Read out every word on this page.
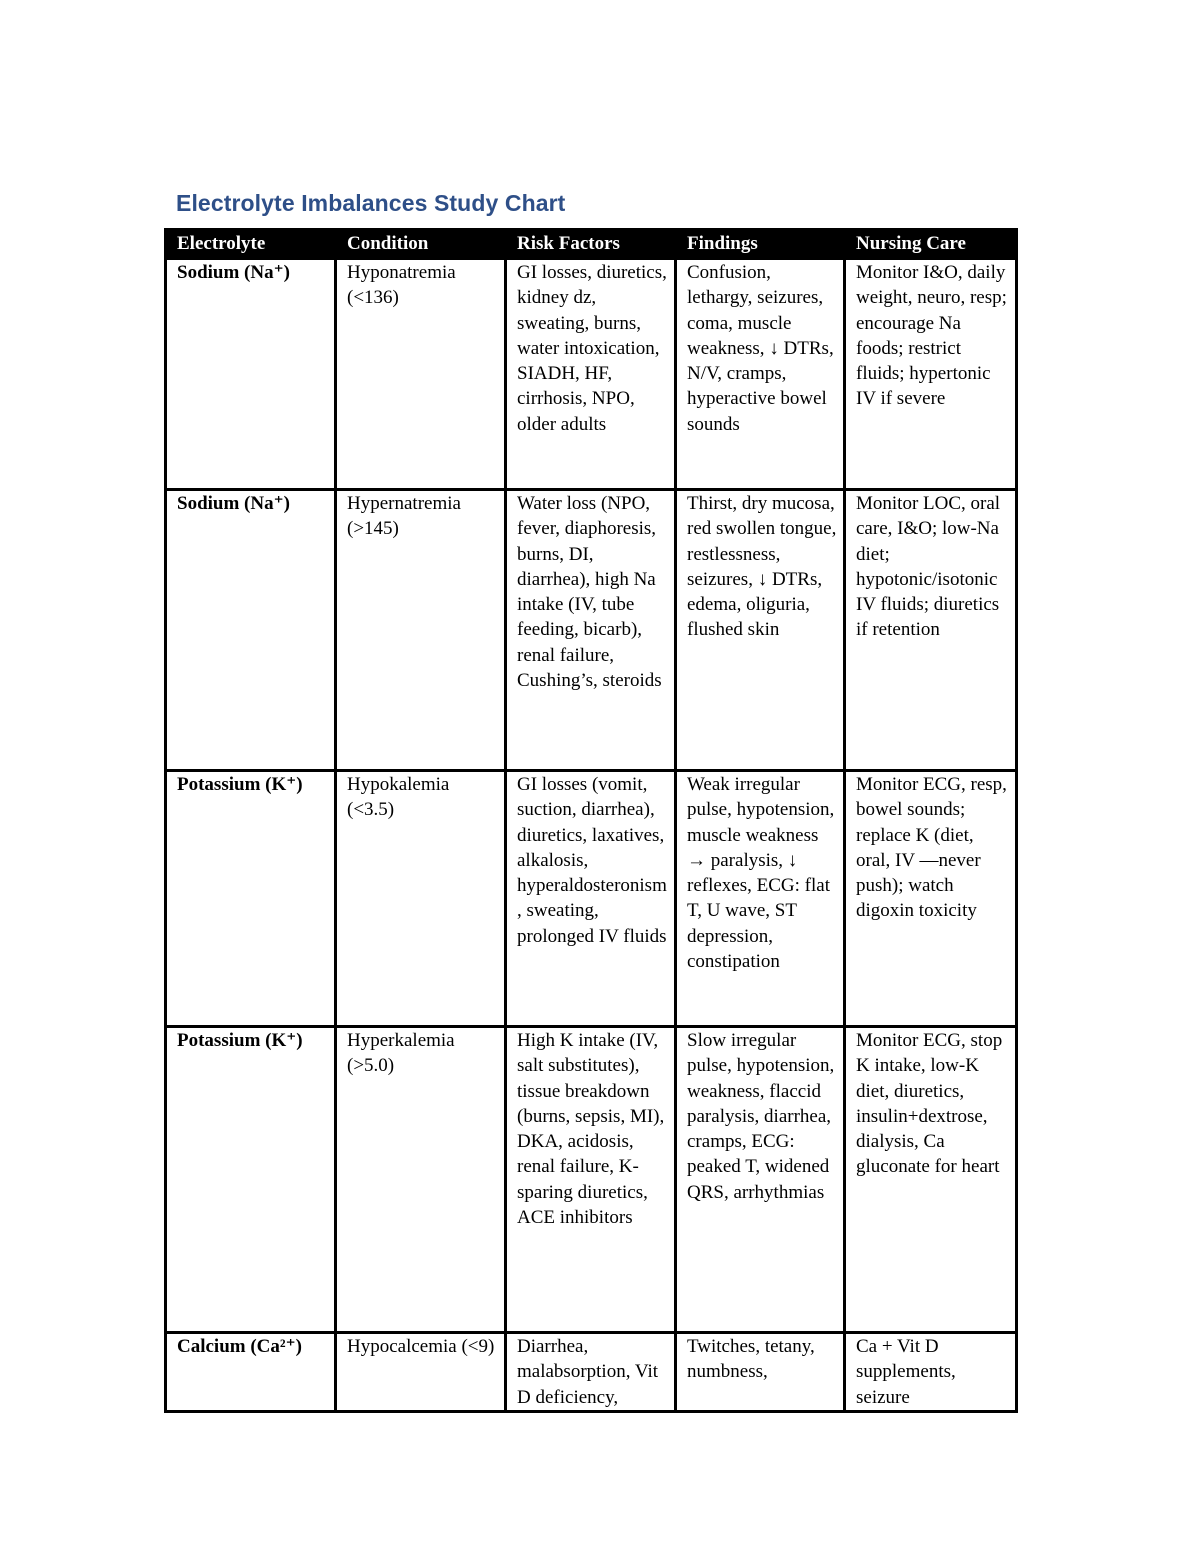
Electrolyte Imbalances Study Chart
Electrolyte	Condition	Risk Factors	Findings	Nursing Care
Sodium (Na⁺)	Hyponatremia (<136)	GI losses, diuretics, kidney dz, sweating, burns, water intoxication, SIADH, HF, cirrhosis, NPO, older adults	Confusion, lethargy, seizures, coma, muscle weakness, ↓ DTRs, N/V, cramps, hyperactive bowel sounds	Monitor I&O, daily weight, neuro, resp; encourage Na foods; restrict fluids; hypertonic IV if severe
Sodium (Na⁺)	Hypernatremia (>145)	Water loss (NPO, fever, diaphoresis, burns, DI, diarrhea), high Na intake (IV, tube feeding, bicarb), renal failure, Cushing’s, steroids	Thirst, dry mucosa, red swollen tongue, restlessness, seizures, ↓ DTRs, edema, oliguria, flushed skin	Monitor LOC, oral care, I&O; low-Na diet; hypotonic/isotonic IV fluids; diuretics if retention
Potassium (K⁺)	Hypokalemia (<3.5)	GI losses (vomit, suction, diarrhea), diuretics, laxatives, alkalosis, hyperaldosteronism, sweating, prolonged IV fluids	Weak irregular pulse, hypotension, muscle weakness → paralysis, ↓ reflexes, ECG: flat T, U wave, ST depression, constipation	Monitor ECG, resp, bowel sounds; replace K (diet, oral, IV —never push); watch digoxin toxicity
Potassium (K⁺)	Hyperkalemia (>5.0)	High K intake (IV, salt substitutes), tissue breakdown (burns, sepsis, MI), DKA, acidosis, renal failure, K-sparing diuretics, ACE inhibitors	Slow irregular pulse, hypotension, weakness, flaccid paralysis, diarrhea, cramps, ECG: peaked T, widened QRS, arrhythmias	Monitor ECG, stop K intake, low-K diet, diuretics, insulin+dextrose, dialysis, Ca gluconate for heart
Calcium (Ca²⁺)	Hypocalcemia (<9)	Diarrhea, malabsorption, Vit D deficiency,	Twitches, tetany, numbness,	Ca + Vit D supplements, seizure
